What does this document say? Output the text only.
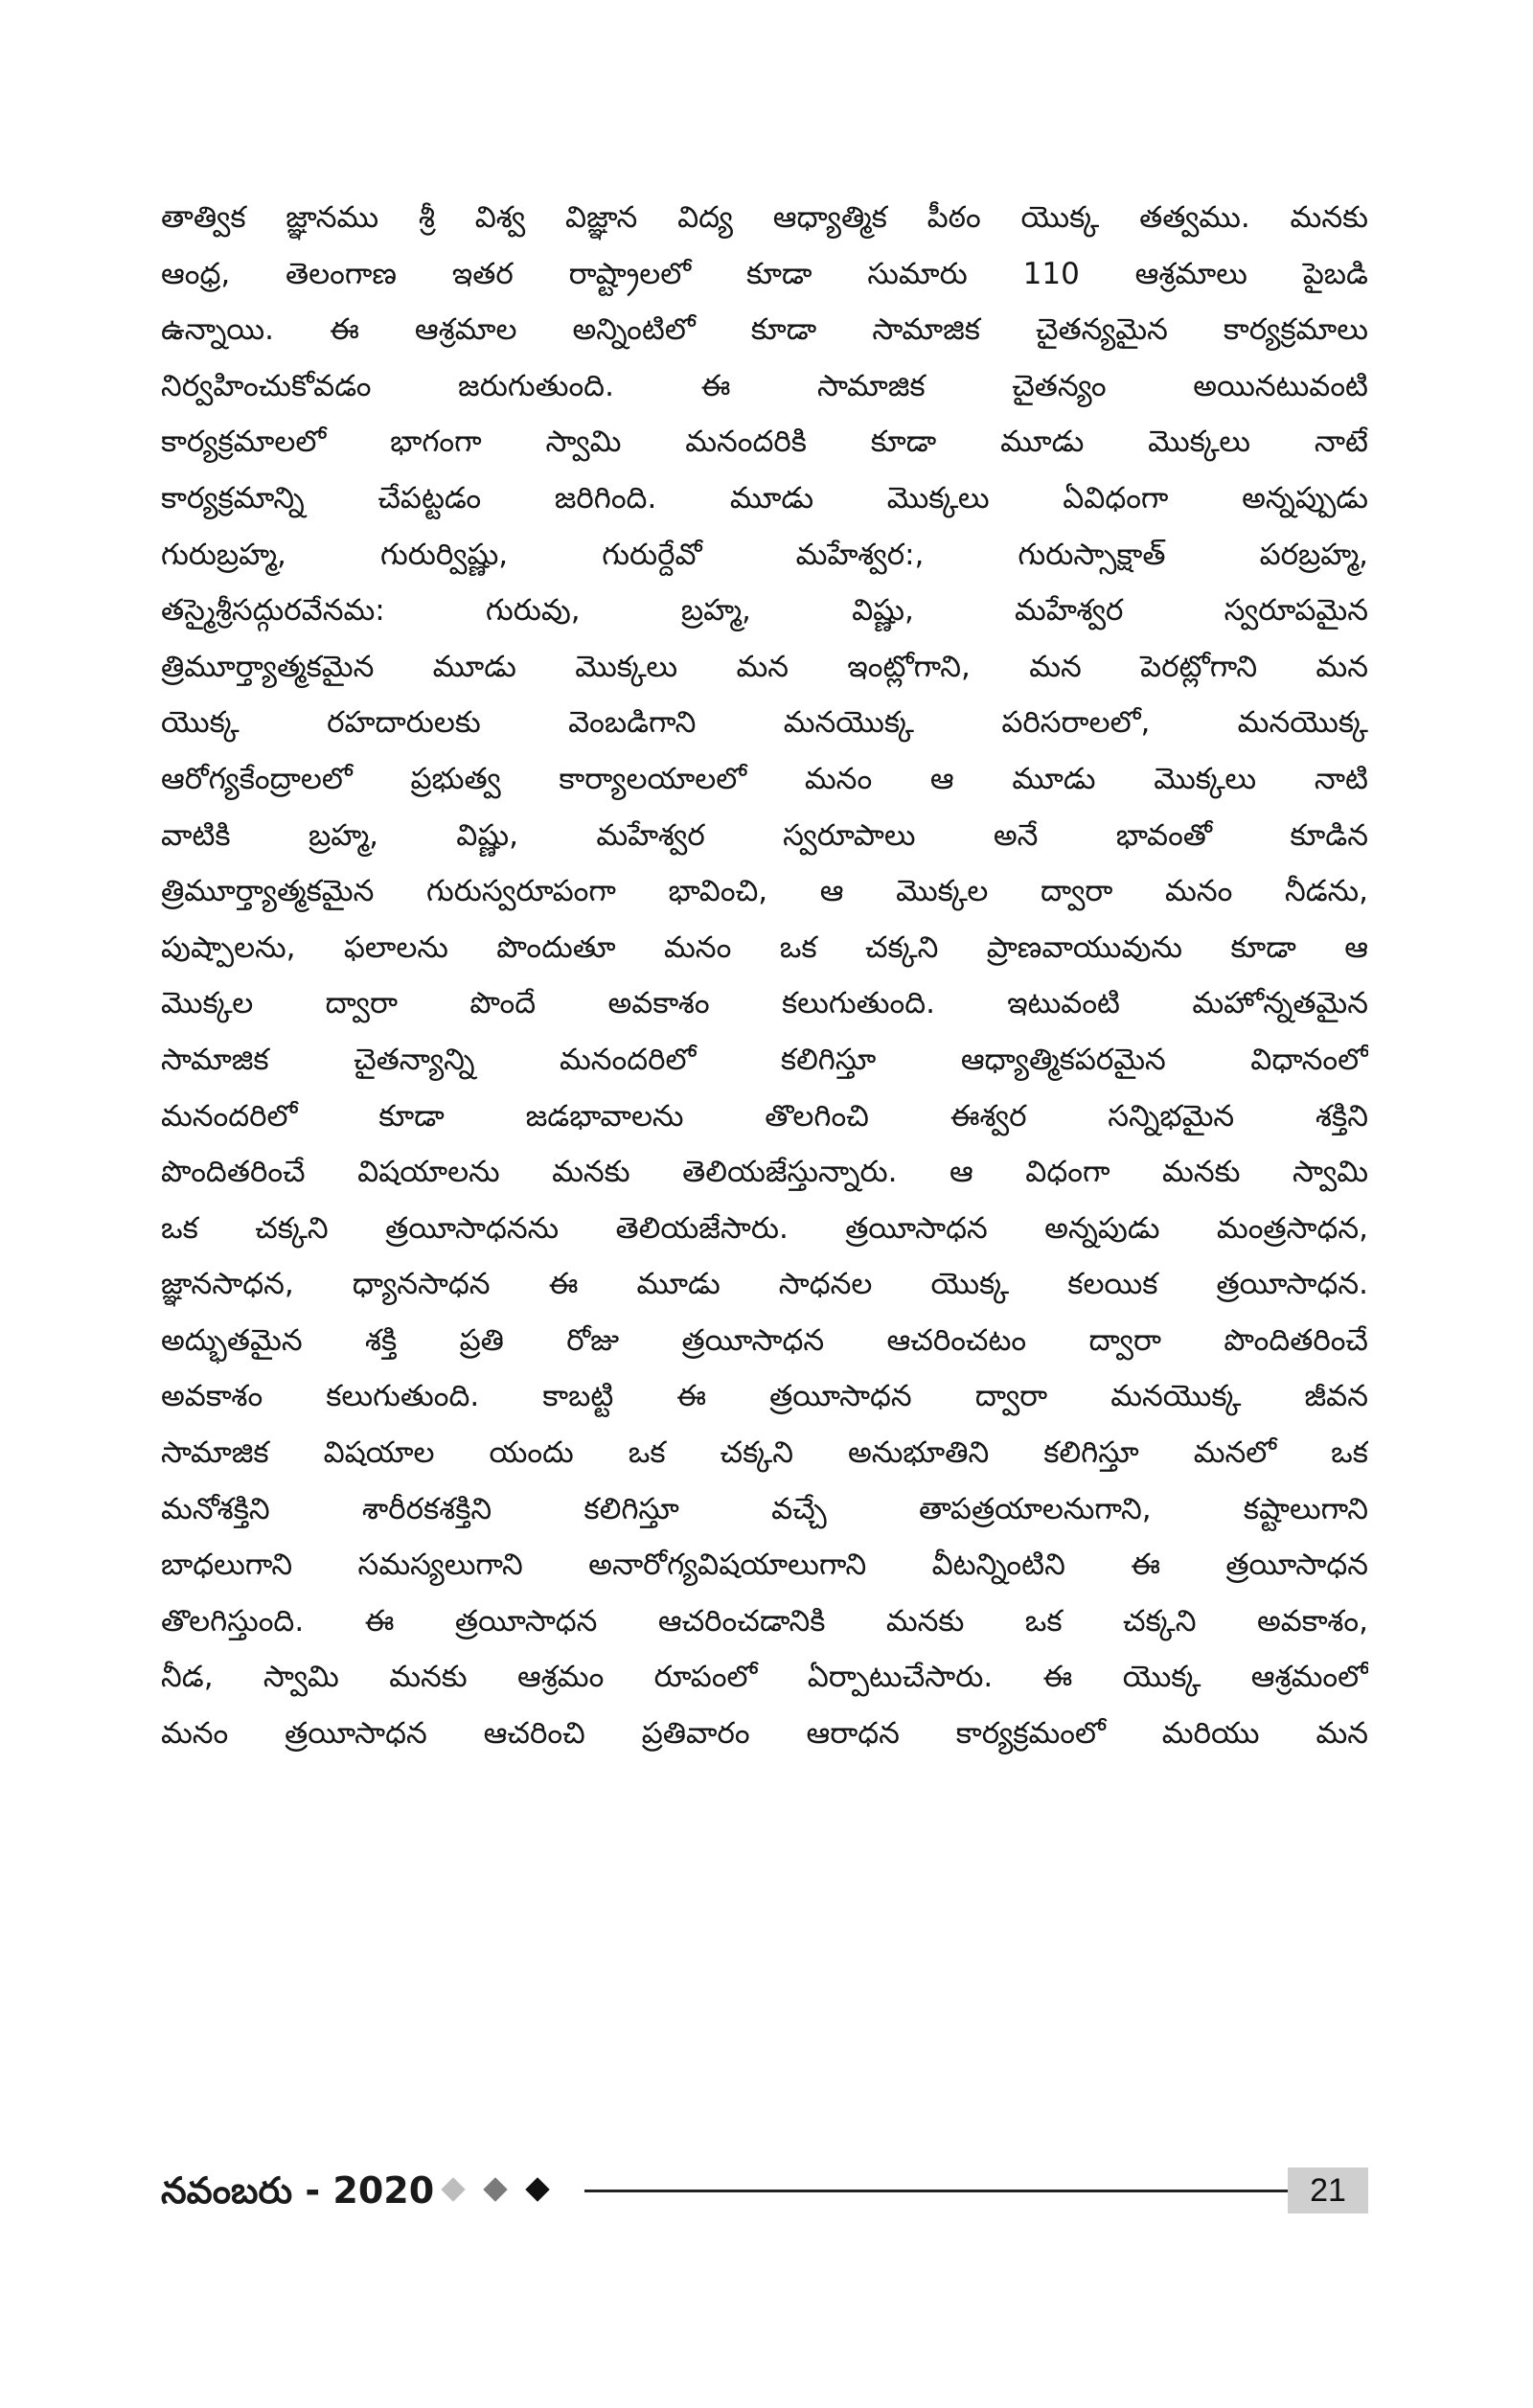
తాత్విక జ్ఞానము శ్రీ విశ్వ విజ్ఞాన విద్య ఆధ్యాత్మిక పీఠం యొక్క తత్వము. మనకు
ఆంధ్ర, తెలంగాణ ఇతర రాష్ట్రాలలో కూడా సుమారు 110 ఆశ్రమాలు పైబడి
ఉన్నాయి. ఈ ఆశ్రమాల అన్నింటిలో కూడా సామాజిక చైతన్యమైన కార్యక్రమాలు
నిర్వహించుకోవడం జరుగుతుంది. ఈ సామాజిక చైతన్యం అయినటువంటి
కార్యక్రమాలలో భాగంగా స్వామి మనందరికి కూడా మూడు మొక్కలు నాటే
కార్యక్రమాన్ని చేపట్టడం జరిగింది. మూడు మొక్కలు ఏవిధంగా అన్నప్పుడు
గురుబ్రహ్మ, గురుర్విష్ణు, గురుర్దేవో మహేశ్వర:, గురుస్సాక్షాత్ పరబ్రహ్మ,
తస్మైశ్రీసద్గురవేనమ: గురువు, బ్రహ్మ, విష్ణు, మహేశ్వర స్వరూపమైన
త్రిమూర్త్యాత్మకమైన మూడు మొక్కలు మన ఇంట్లోగాని, మన పెరట్లోగాని మన
యొక్క రహదారులకు వెంబడిగాని మనయొక్క పరిసరాలలో, మనయొక్క
ఆరోగ్యకేంద్రాలలో ప్రభుత్వ కార్యాలయాలలో మనం ఆ మూడు మొక్కలు నాటి
వాటికి బ్రహ్మ, విష్ణు, మహేశ్వర స్వరూపాలు అనే భావంతో కూడిన
త్రిమూర్త్యాత్మకమైన గురుస్వరూపంగా భావించి, ఆ మొక్కల ద్వారా మనం నీడను,
పుష్పాలను, ఫలాలను పొందుతూ మనం ఒక చక్కని ప్రాణవాయువును కూడా ఆ
మొక్కల ద్వారా పొందే అవకాశం కలుగుతుంది. ఇటువంటి మహోన్నతమైన
సామాజిక చైతన్యాన్ని మనందరిలో కలిగిస్తూ ఆధ్యాత్మికపరమైన విధానంలో
మనందరిలో కూడా జడభావాలను తొలగించి ఈశ్వర సన్నిభమైన శక్తిని
పొందితరించే విషయాలను మనకు తెలియజేస్తున్నారు. ఆ విధంగా మనకు స్వామి
ఒక చక్కని త్రయీసాధనను తెలియజేసారు. త్రయీసాధన అన్నపుడు మంత్రసాధన,
జ్ఞానసాధన, ధ్యానసాధన ఈ మూడు సాధనల యొక్క కలయిక త్రయీసాధన.
అద్భుతమైన శక్తి ప్రతి రోజు త్రయీసాధన ఆచరించటం ద్వారా పొందితరించే
అవకాశం కలుగుతుంది. కాబట్టి ఈ త్రయీసాధన ద్వారా మనయొక్క జీవన
సామాజిక విషయాల యందు ఒక చక్కని అనుభూతిని కలిగిస్తూ మనలో ఒక
మనోశక్తిని శారీరకశక్తిని కలిగిస్తూ వచ్చే తాపత్రయాలనుగాని, కష్టాలుగాని
బాధలుగాని సమస్యలుగాని అనారోగ్యవిషయాలుగాని వీటన్నింటిని ఈ త్రయీసాధన
తొలగిస్తుంది. ఈ త్రయీసాధన ఆచరించడానికి మనకు ఒక చక్కని అవకాశం,
నీడ, స్వామి మనకు ఆశ్రమం రూపంలో ఏర్పాటుచేసారు. ఈ యొక్క ఆశ్రమంలో
మనం త్రయీసాధన ఆచరించి ప్రతివారం ఆరాధన కార్యక్రమంలో మరియు మన
నవంబరు - 2020	21
